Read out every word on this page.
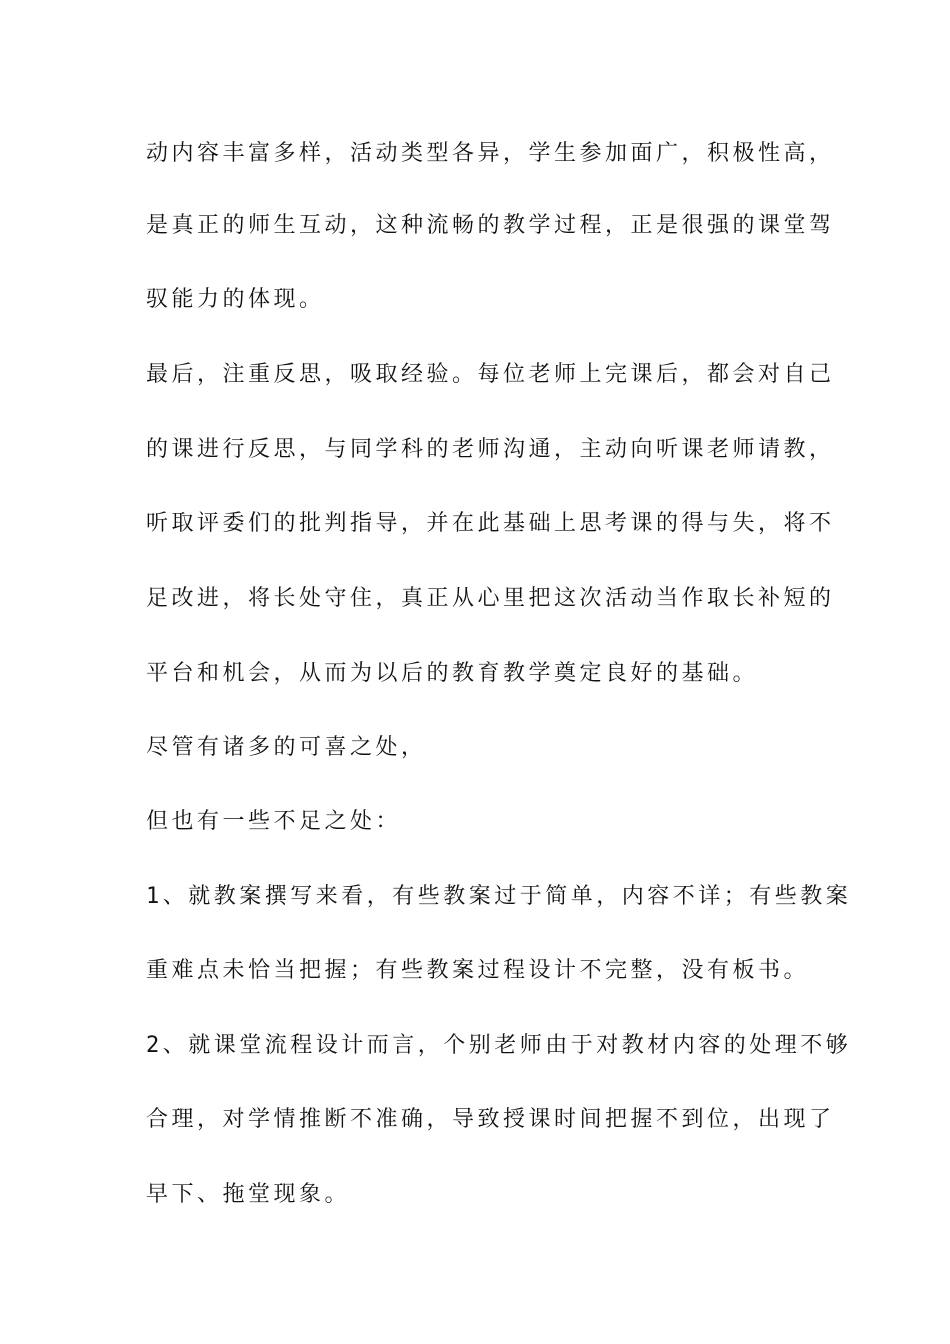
动内容丰富多样，活动类型各异，学生参加面广，积极性高，
是真正的师生互动，这种流畅的教学过程，正是很强的课堂驾
驭能力的体现。
最后，注重反思，吸取经验。每位老师上完课后，都会对自己
的课进行反思，与同学科的老师沟通，主动向听课老师请教，
听取评委们的批判指导，并在此基础上思考课的得与失，将不
足改进，将长处守住，真正从心里把这次活动当作取长补短的
平台和机会，从而为以后的教育教学奠定良好的基础。
尽管有诸多的可喜之处，
但也有一些不足之处：
1、就教案撰写来看，有些教案过于简单，内容不详；有些教案
重难点未恰当把握；有些教案过程设计不完整，没有板书。
2、就课堂流程设计而言，个别老师由于对教材内容的处理不够
合理，对学情推断不准确，导致授课时间把握不到位，出现了
早下、拖堂现象。
